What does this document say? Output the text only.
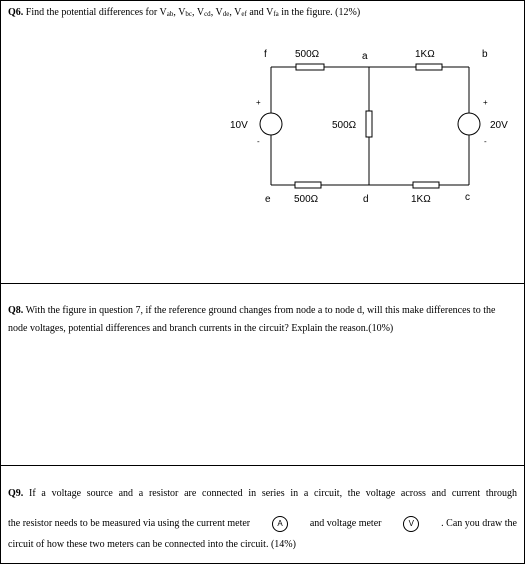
Q6. Find the potential differences for Vab, Vbc, Vcd, Vde, Vef and Vfa in the figure. (12%)
f	a	b
e	d	c
500Ω	1KΩ
500Ω
500Ω	1KΩ
10V
+
-
20V
+
-
Q8. With the figure in question 7, if the reference ground changes from node a to node d, will this make differences to the node voltages, potential differences and branch currents in the circuit? Explain the reason.(10%)
Q9. If a voltage source and a resistor are connected in series in a circuit, the voltage across and current through
the resistor needs to be measured via using the current meter	A	and voltage meter	V	. Can you draw the
circuit of how these two meters can be connected into the circuit. (14%)
